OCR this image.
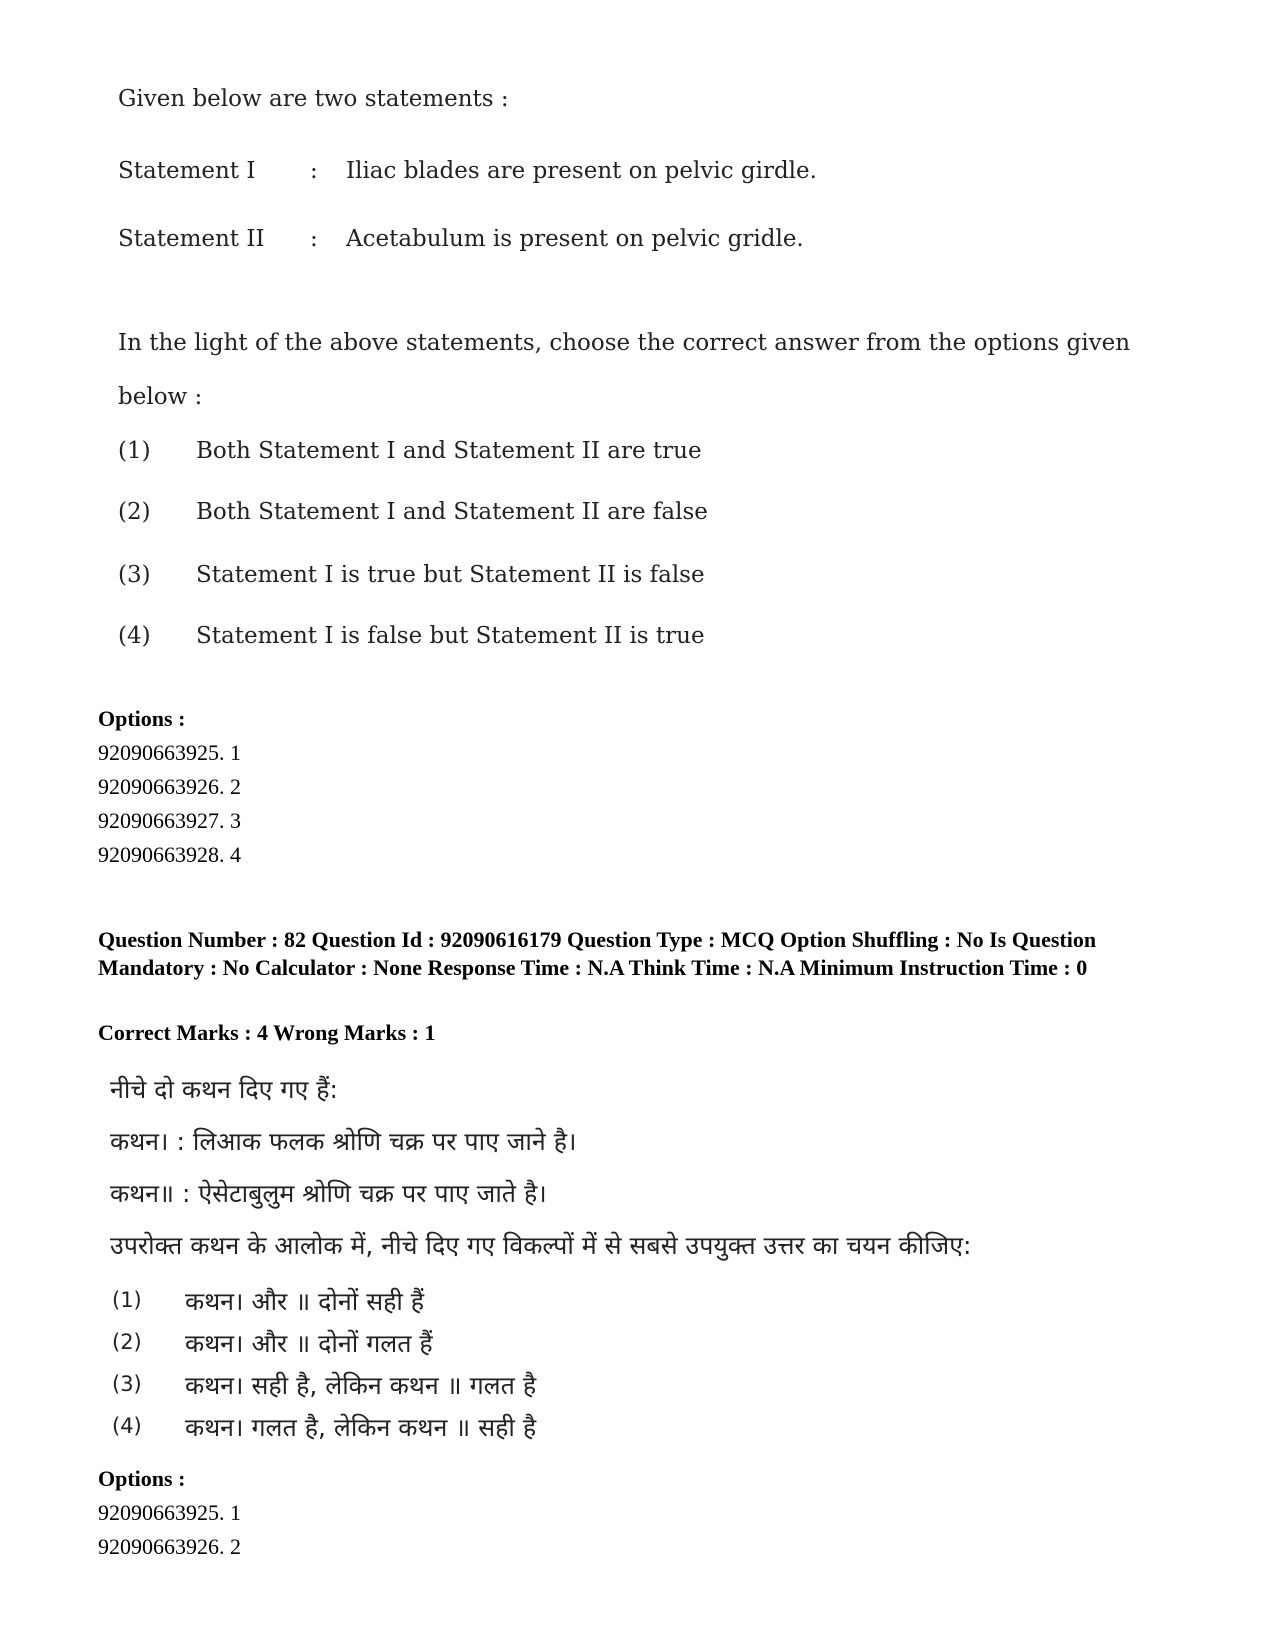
Given below are two statements :
Statement I : Iliac blades are present on pelvic girdle.
Statement II : Acetabulum is present on pelvic gridle.
In the light of the above statements, choose the correct answer from the options given below :
(1) Both Statement I and Statement II are true
(2) Both Statement I and Statement II are false
(3) Statement I is true but Statement II is false
(4) Statement I is false but Statement II is true
Options :
92090663925. 1
92090663926. 2
92090663927. 3
92090663928. 4
Question Number : 82 Question Id : 92090616179 Question Type : MCQ Option Shuffling : No Is Question Mandatory : No Calculator : None Response Time : N.A Think Time : N.A Minimum Instruction Time : 0
Correct Marks : 4 Wrong Marks : 1
नीचे दो कथन दिए गए हैं:
कथन। : लिआक फलक श्रोणि चक्र पर पाए जाने है।
कथन॥ : ऐसेटाबुलुम श्रोणि चक्र पर पाए जाते है।
उपरोक्त कथन के आलोक में, नीचे दिए गए विकल्पों में से सबसे उपयुक्त उत्तर का चयन कीजिए:
(1) कथन। और ॥ दोनों सही हैं
(2) कथन। और ॥ दोनों गलत हैं
(3) कथन। सही है, लेकिन कथन ॥ गलत है
(4) कथन। गलत है, लेकिन कथन ॥ सही है
Options :
92090663925. 1
92090663926. 2
